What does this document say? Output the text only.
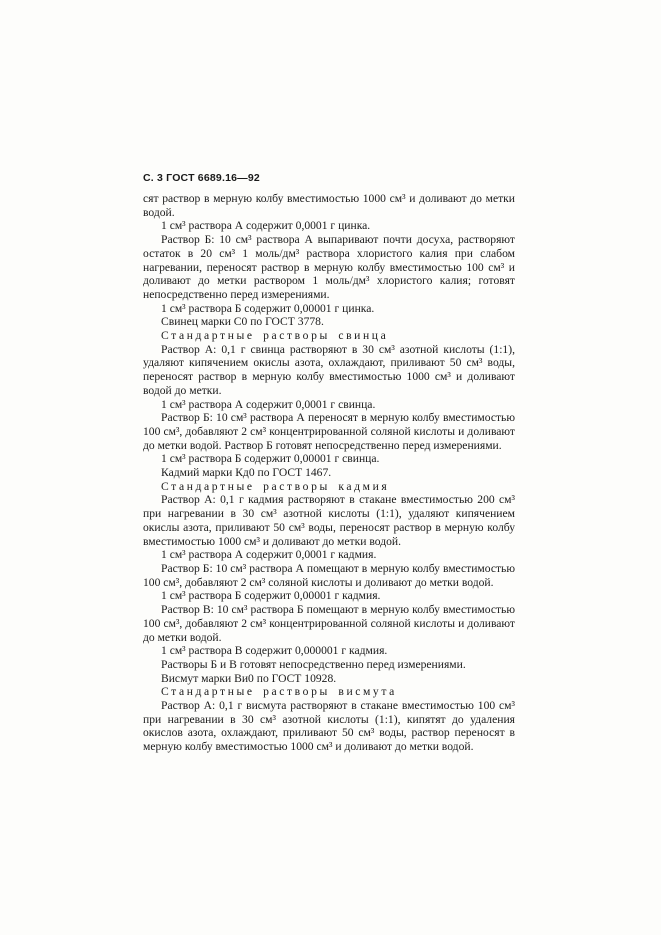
С. 3 ГОСТ 6689.16—92

сят раствор в мерную колбу вместимостью 1000 см³ и доливают до метки водой.

1 см³ раствора А содержит 0,0001 г цинка.

Раствор Б: 10 см³ раствора А выпаривают почти досуха, растворяют остаток в 20 см³ 1 моль/дм³ раствора хлористого калия при слабом нагревании, переносят раствор в мерную колбу вместимостью 100 см³ и доливают до метки раствором 1 моль/дм³ хлористого калия; готовят непосредственно перед измерениями.

1 см³ раствора Б содержит 0,00001 г цинка.

Свинец марки С0 по ГОСТ 3778.

Стандартные растворы свинца

Раствор А: 0,1 г свинца растворяют в 30 см³ азотной кислоты (1:1), удаляют кипячением окислы азота, охлаждают, приливают 50 см³ воды, переносят раствор в мерную колбу вместимостью 1000 см³ и доливают водой до метки.

1 см³ раствора А содержит 0,0001 г свинца.

Раствор Б: 10 см³ раствора А переносят в мерную колбу вместимостью 100 см³, добавляют 2 см³ концентрированной соляной кислоты и доливают до метки водой. Раствор Б готовят непосредственно перед измерениями.

1 см³ раствора Б содержит 0,00001 г свинца.

Кадмий марки Кд0 по ГОСТ 1467.

Стандартные растворы кадмия

Раствор А: 0,1 г кадмия растворяют в стакане вместимостью 200 см³ при нагревании в 30 см³ азотной кислоты (1:1), удаляют кипячением окислы азота, приливают 50 см³ воды, переносят раствор в мерную колбу вместимостью 1000 см³ и доливают до метки водой.

1 см³ раствора А содержит 0,0001 г кадмия.

Раствор Б: 10 см³ раствора А помещают в мерную колбу вместимостью 100 см³, добавляют 2 см³ соляной кислоты и доливают до метки водой.

1 см³ раствора Б содержит 0,00001 г кадмия.

Раствор В: 10 см³ раствора Б помещают в мерную колбу вместимостью 100 см³, добавляют 2 см³ концентрированной соляной кислоты и доливают до метки водой.

1 см³ раствора В содержит 0,000001 г кадмия.

Растворы Б и В готовят непосредственно перед измерениями.

Висмут марки Ви0 по ГОСТ 10928.

Стандартные растворы висмута

Раствор А: 0,1 г висмута растворяют в стакане вместимостью 100 см³ при нагревании в 30 см³ азотной кислоты (1:1), кипятят до удаления окислов азота, охлаждают, приливают 50 см³ воды, раствор переносят в мерную колбу вместимостью 1000 см³ и доливают до метки водой.
